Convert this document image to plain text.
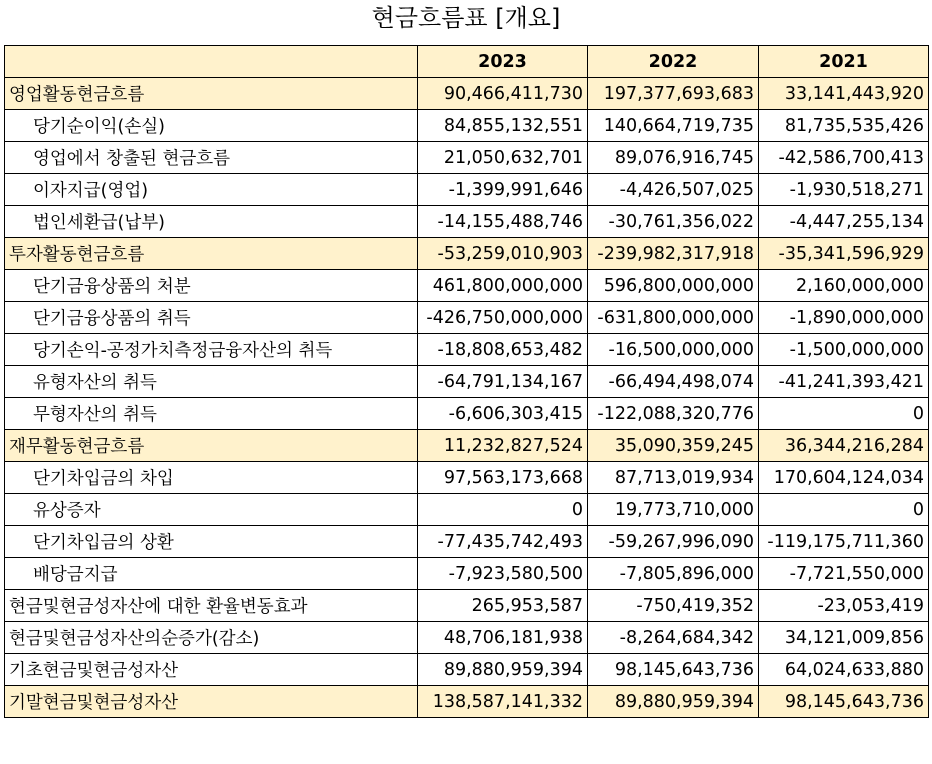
현금흐름표 [개요]
	2023	2022	2021
영업활동현금흐름	90,466,411,730	197,377,693,683	33,141,443,920
당기순이익(손실)	84,855,132,551	140,664,719,735	81,735,535,426
영업에서 창출된 현금흐름	21,050,632,701	89,076,916,745	-42,586,700,413
이자지급(영업)	-1,399,991,646	-4,426,507,025	-1,930,518,271
법인세환급(납부)	-14,155,488,746	-30,761,356,022	-4,447,255,134
투자활동현금흐름	-53,259,010,903	-239,982,317,918	-35,341,596,929
단기금융상품의 처분	461,800,000,000	596,800,000,000	2,160,000,000
단기금융상품의 취득	-426,750,000,000	-631,800,000,000	-1,890,000,000
당기손익-공정가치측정금융자산의 취득	-18,808,653,482	-16,500,000,000	-1,500,000,000
유형자산의 취득	-64,791,134,167	-66,494,498,074	-41,241,393,421
무형자산의 취득	-6,606,303,415	-122,088,320,776	0
재무활동현금흐름	11,232,827,524	35,090,359,245	36,344,216,284
단기차입금의 차입	97,563,173,668	87,713,019,934	170,604,124,034
유상증자	0	19,773,710,000	0
단기차입금의 상환	-77,435,742,493	-59,267,996,090	-119,175,711,360
배당금지급	-7,923,580,500	-7,805,896,000	-7,721,550,000
현금및현금성자산에 대한 환율변동효과	265,953,587	-750,419,352	-23,053,419
현금및현금성자산의순증가(감소)	48,706,181,938	-8,264,684,342	34,121,009,856
기초현금및현금성자산	89,880,959,394	98,145,643,736	64,024,633,880
기말현금및현금성자산	138,587,141,332	89,880,959,394	98,145,643,736
